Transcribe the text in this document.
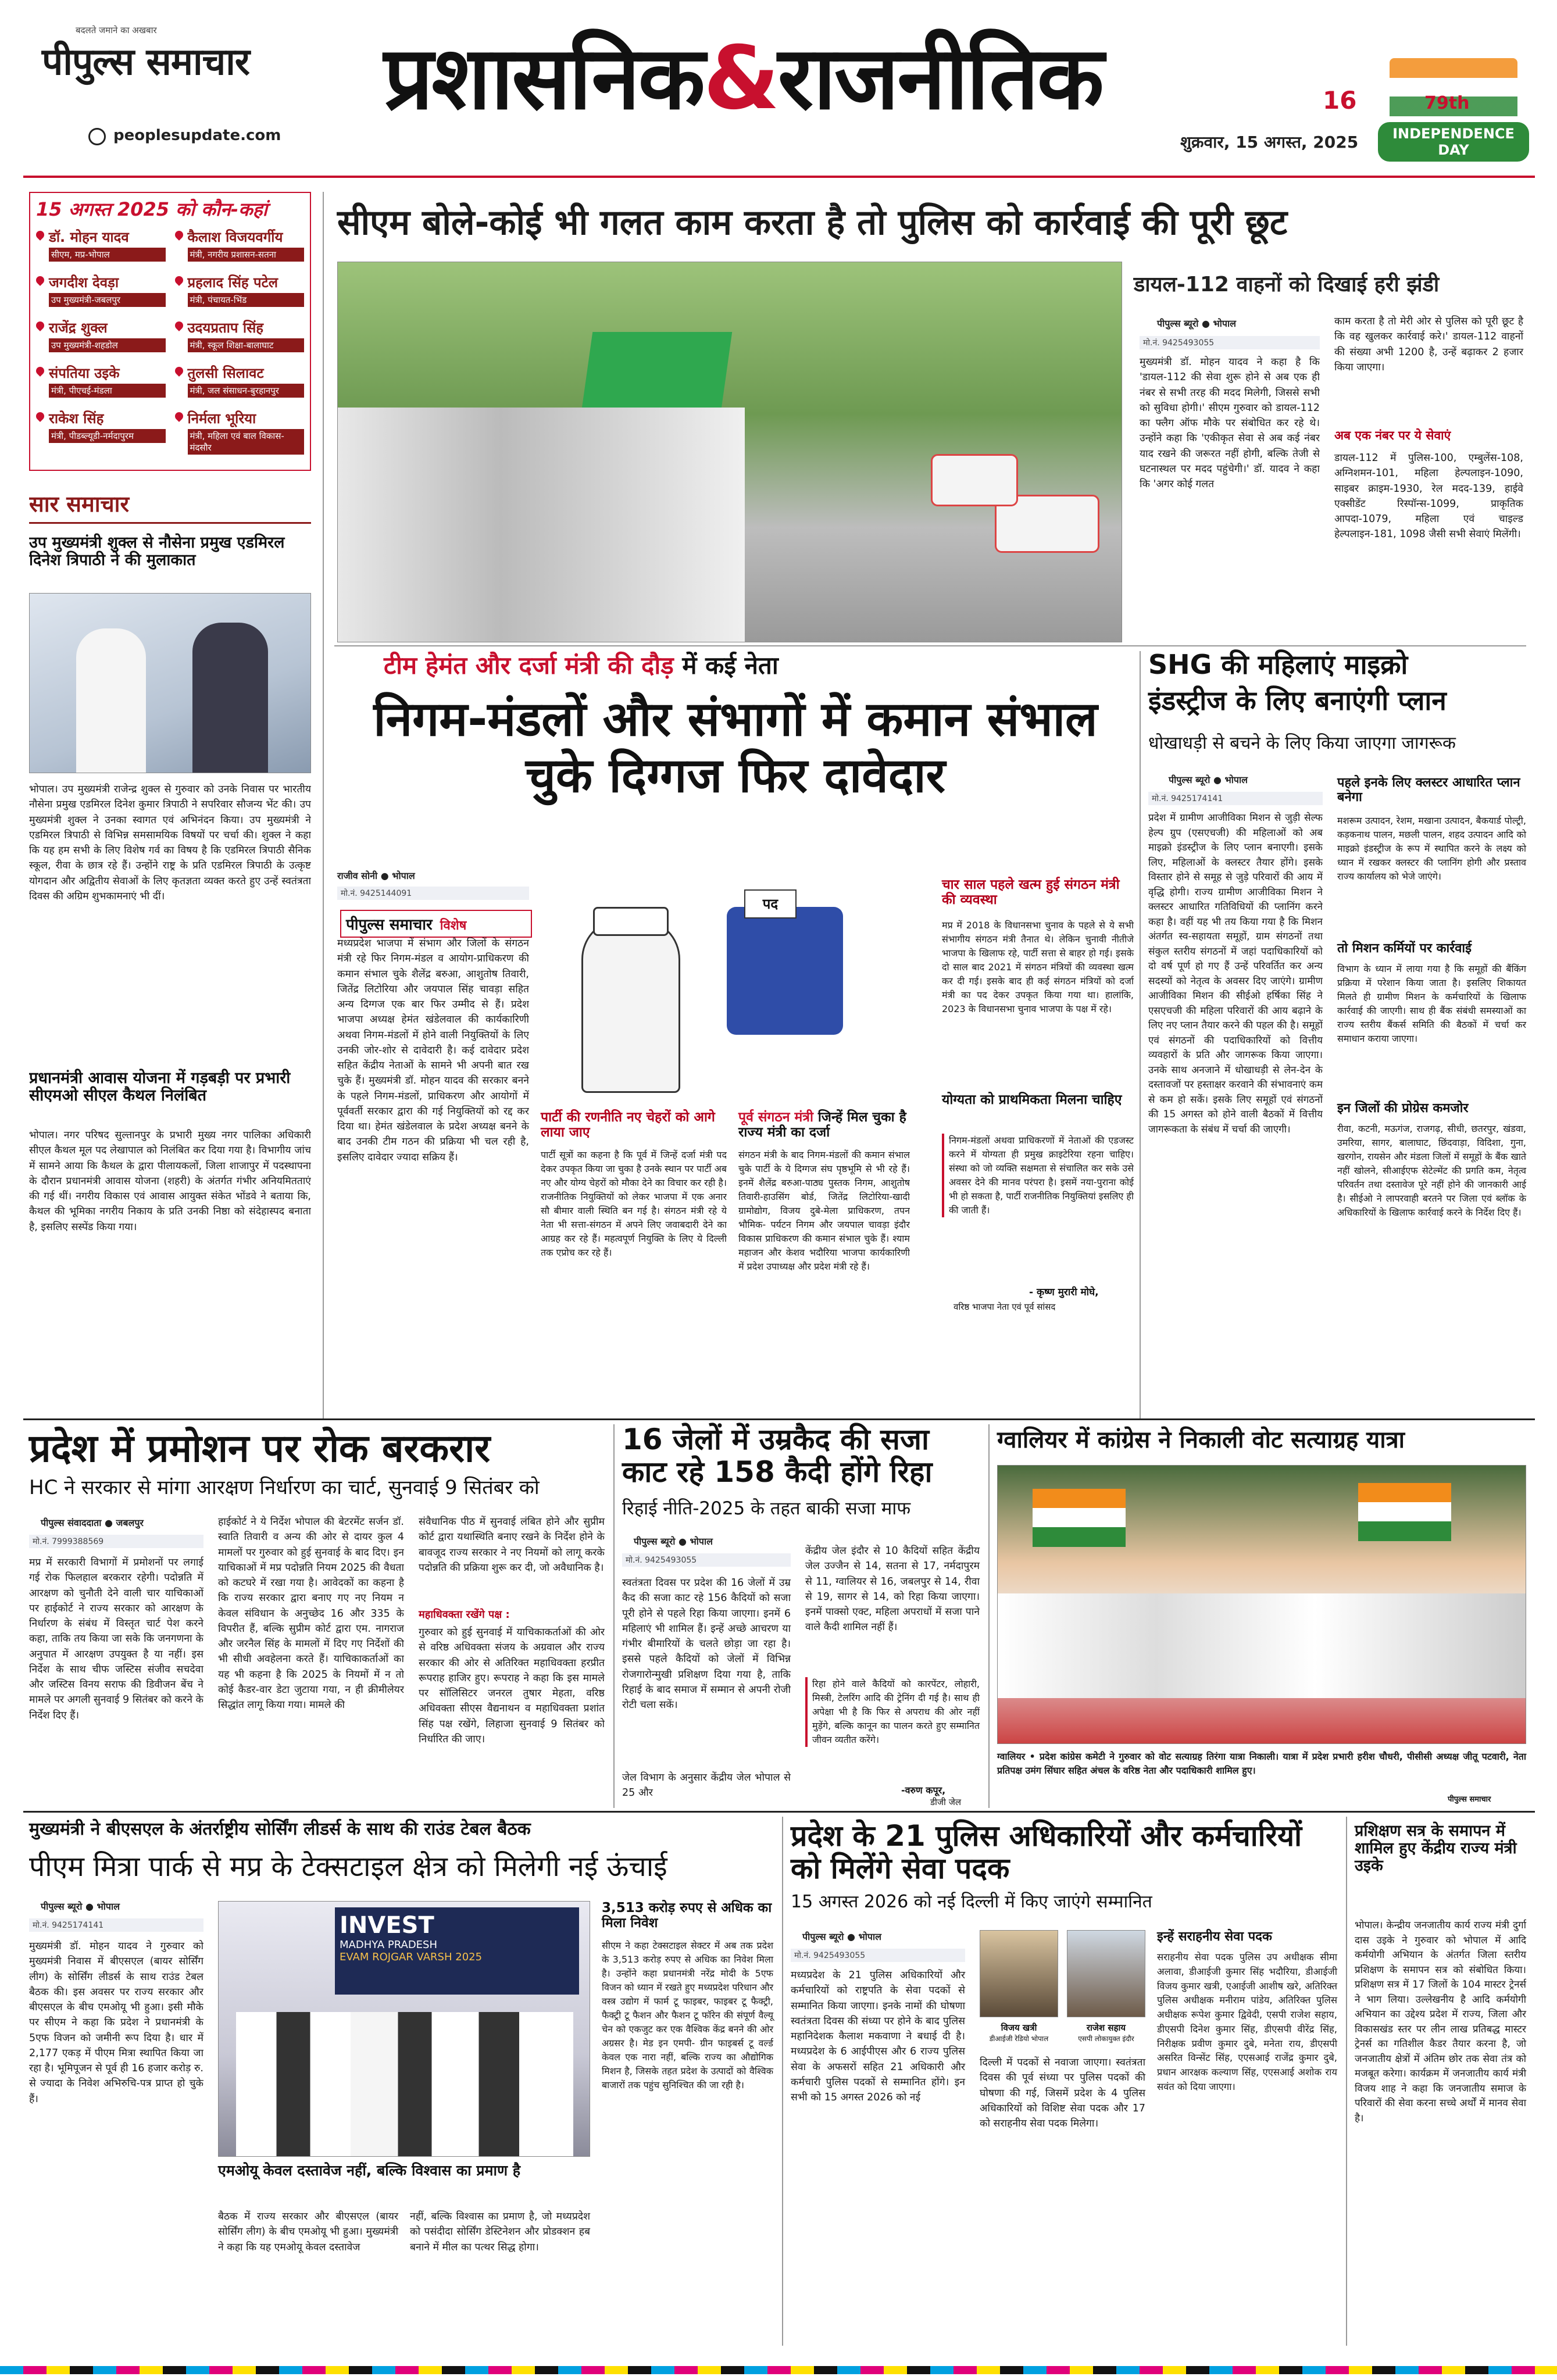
बदलते जमाने का अखबार
पीपुल्स समाचार
peoplesupdate.com
प्रशासनिक&राजनीतिक	16
शुक्रवार, 15 अगस्त, 2025
79th
INDEPENDENCE DAY
15 अगस्त 2025 को कौन-कहां
डॉ. मोहन यादव
सीएम, मप्र-भोपाल
कैलाश विजयवर्गीय
मंत्री, नगरीय प्रशासन-सतना
जगदीश देवड़ा
उप मुख्यमंत्री-जबलपुर
प्रहलाद सिंह पटेल
मंत्री, पंचायत-भिंड
राजेंद्र शुक्ल
उप मुख्यमंत्री-शहडोल
उदयप्रताप सिंह
मंत्री, स्कूल शिक्षा-बालाघाट
संपतिया उइके
मंत्री, पीएचई-मंडला
तुलसी सिलावट
मंत्री, जल संसाधन-बुरहानपुर
राकेश सिंह
मंत्री, पीडब्ल्यूडी-नर्मदापुरम
निर्मला भूरिया
मंत्री, महिला एवं बाल विकास-मंदसौर
सार समाचार
उप मुख्यमंत्री शुक्ल से नौसेना प्रमुख एडमिरल दिनेश त्रिपाठी ने की मुलाकात
भोपाल। उप मुख्यमंत्री राजेन्द्र शुक्ल से गुरुवार को उनके निवास पर भारतीय नौसेना प्रमुख एडमिरल दिनेश कुमार त्रिपाठी ने सपरिवार सौजन्य भेंट की। उप मुख्यमंत्री शुक्ल ने उनका स्वागत एवं अभिनंदन किया। उप मुख्यमंत्री ने एडमिरल त्रिपाठी से विभिन्न समसामयिक विषयों पर चर्चा की। शुक्ल ने कहा कि यह हम सभी के लिए विशेष गर्व का विषय है कि एडमिरल त्रिपाठी सैनिक स्कूल, रीवा के छात्र रहे हैं। उन्होंने राष्ट्र के प्रति एडमिरल त्रिपाठी के उत्कृष्ट योगदान और अद्वितीय सेवाओं के लिए कृतज्ञता व्यक्त करते हुए उन्हें स्वतंत्रता दिवस की अग्रिम शुभकामनाएं भी दीं।
प्रधानमंत्री आवास योजना में गड़बड़ी पर प्रभारी सीएमओ सीएल कैथल निलंबित
भोपाल। नगर परिषद सुल्तानपुर के प्रभारी मुख्य नगर पालिका अधिकारी सीएल कैथल मूल पद लेखापाल को निलंबित कर दिया गया है। विभागीय जांच में सामने आया कि कैथल के द्वारा पीलायकलों, जिला शाजापुर में पदस्थापना के दौरान प्रधानमंत्री आवास योजना (शहरी) के अंतर्गत गंभीर अनियमितताएं की गई थीं। नगरीय विकास एवं आवास आयुक्त संकेत भोंडवे ने बताया कि, कैथल की भूमिका नगरीय निकाय के प्रति उनकी निष्ठा को संदेहास्पद बनाता है, इसलिए सस्पेंड किया गया।
सीएम बोले-कोई भी गलत काम करता है तो पुलिस को कार्रवाई की पूरी छूट
डायल-112 वाहनों को दिखाई हरी झंडी
पीपुल्स ब्यूरो ● भोपाल
मो.नं. 9425493055
मुख्यमंत्री डॉ. मोहन यादव ने कहा है कि 'डायल-112 की सेवा शुरू होने से अब एक ही नंबर से सभी तरह की मदद मिलेगी, जिससे सभी को सुविधा होगी।' सीएम गुरुवार को डायल-112 का फ्लैग ऑफ मौके पर संबोधित कर रहे थे। उन्होंने कहा कि 'एकीकृत सेवा से अब कई नंबर याद रखने की जरूरत नहीं होगी, बल्कि तेजी से घटनास्थल पर मदद पहुंचेगी।' डॉ. यादव ने कहा कि 'अगर कोई गलत
काम करता है तो मेरी ओर से पुलिस को पूरी छूट है कि वह खुलकर कार्रवाई करे।' डायल-112 वाहनों की संख्या अभी 1200 है, उन्हें बढ़ाकर 2 हजार किया जाएगा।
अब एक नंबर पर ये सेवाएं
डायल-112 में पुलिस-100, एम्बुलेंस-108, अग्निशमन-101, महिला हेल्पलाइन-1090, साइबर क्राइम-1930, रेल मदद-139, हाईवे एक्सीडेंट रिस्पॉन्स-1099, प्राकृतिक आपदा-1079, महिला एवं चाइल्ड हेल्पलाइन-181, 1098 जैसी सभी सेवाएं मिलेंगी।
टीम हेमंत और दर्जा मंत्री की दौड़ में कई नेता
निगम-मंडलों और संभागों में कमान संभाल चुके दिग्गज फिर दावेदार
राजीव सोनी ● भोपाल
मो.नं. 9425144091
पीपुल्स समाचार विशेष
पद
मध्यप्रदेश भाजपा में संभाग और जिलों के संगठन मंत्री रहे फिर निगम-मंडल व आयोग-प्राधिकरण की कमान संभाल चुके शैलेंद्र बरुआ, आशुतोष तिवारी, जितेंद्र लिटोरिया और जयपाल सिंह चावड़ा सहित अन्य दिग्गज एक बार फिर उम्मीद से हैं। प्रदेश भाजपा अध्यक्ष हेमंत खंडेलवाल की कार्यकारिणी अथवा निगम-मंडलों में होने वाली नियुक्तियों के लिए उनकी जोर-शोर से दावेदारी है। कई दावेदार प्रदेश सहित केंद्रीय नेताओं के सामने भी अपनी बात रख चुके हैं। मुख्यमंत्री डॉ. मोहन यादव की सरकार बनने के पहले निगम-मंडलों, प्राधिकरण और आयोगों में पूर्ववर्ती सरकार द्वारा की गई नियुक्तियों को रद्द कर दिया था। हेमंत खंडेलवाल के प्रदेश अध्यक्ष बनने के बाद उनकी टीम गठन की प्रक्रिया भी चल रही है, इसलिए दावेदार ज्यादा सक्रिय हैं।
पार्टी की रणनीति नए चेहरों को आगे लाया जाए
पार्टी सूत्रों का कहना है कि पूर्व में जिन्हें दर्जा मंत्री पद देकर उपकृत किया जा चुका है उनके स्थान पर पार्टी अब नए और योग्य चेहरों को मौका देने का विचार कर रही है। राजनीतिक नियुक्तियों को लेकर भाजपा में एक अनार सौ बीमार वाली स्थिति बन गई है। संगठन मंत्री रहे ये नेता भी सत्ता-संगठन में अपने लिए जवाबदारी देने का आग्रह कर रहे हैं। महत्वपूर्ण नियुक्ति के लिए ये दिल्ली तक एप्रोच कर रहे हैं।
पूर्व संगठन मंत्री जिन्हें मिल चुका है राज्य मंत्री का दर्जा
संगठन मंत्री के बाद निगम-मंडलों की कमान संभाल चुके पार्टी के ये दिग्गज संघ पृष्ठभूमि से भी रहे हैं। इनमें शैलेंद्र बरुआ-पाठ्य पुस्तक निगम, आशुतोष तिवारी-हाउसिंग बोर्ड, जितेंद्र लिटोरिया-खादी ग्रामोद्योग, विजय दुबे-मेला प्राधिकरण, तपन भौमिक- पर्यटन निगम और जयपाल चावड़ा इंदौर विकास प्राधिकरण की कमान संभाल चुके हैं। श्याम महाजन और केशव भदौरिया भाजपा कार्यकारिणी में प्रदेश उपाध्यक्ष और प्रदेश मंत्री रहे हैं।
चार साल पहले खत्म हुई संगठन मंत्री की व्यवस्था
मप्र में 2018 के विधानसभा चुनाव के पहले से ये सभी संभागीय संगठन मंत्री तैनात थे। लेकिन चुनावी नीतीजे भाजपा के खिलाफ रहे, पार्टी सत्ता से बाहर हो गई। इसके दो साल बाद 2021 में संगठन मंत्रियों की व्यवस्था खत्म कर दी गई। इसके बाद ही कई संगठन मंत्रियों को दर्जा मंत्री का पद देकर उपकृत किया गया था। हालांकि, 2023 के विधानसभा चुनाव भाजपा के पक्ष में रहे।
योग्यता को प्राथमिकता मिलना चाहिए
निगम-मंडलों अथवा प्राधिकरणों में नेताओं की एडजस्ट करने में योग्यता ही प्रमुख क्राइटेरिया रहना चाहिए। संस्था को जो व्यक्ति सक्षमता से संचालित कर सके उसे अवसर देने की मानव परंपरा है। इसमें नया-पुराना कोई भी हो सकता है, पार्टी राजनीतिक नियुक्तियां इसलिए ही की जाती हैं।
- कृष्ण मुरारी मोघे,
वरिष्ठ भाजपा नेता एवं पूर्व सांसद
SHG की महिलाएं माइक्रो
इंडस्ट्रीज के लिए बनाएंगी प्लान
धोखाधड़ी से बचने के लिए किया जाएगा जागरूक
पीपुल्स ब्यूरो ● भोपाल
मो.नं. 9425174141
प्रदेश में ग्रामीण आजीविका मिशन से जुड़ी सेल्फ हेल्प ग्रुप (एसएचजी) की महिलाओं को अब माइक्रो इंडस्ट्रीज के लिए प्लान बनाएगी। इसके लिए, महिलाओं के क्लस्टर तैयार होंगे। इसके विस्तार होने से समूह से जुड़े परिवारों की आय में वृद्धि होगी। राज्य ग्रामीण आजीविका मिशन ने क्लस्टर आधारित गतिविधियों की प्लानिंग करने कहा है। वहीं यह भी तय किया गया है कि मिशन अंतर्गत स्व-सहायता समूहों, ग्राम संगठनों तथा संकुल स्तरीय संगठनों में जहां पदाधिकारियों को दो वर्ष पूर्ण हो गए हैं उन्हें परिवर्तित कर अन्य सदस्यों को नेतृत्व के अवसर दिए जाएंगे। ग्रामीण आजीविका मिशन की सीईओ हर्षिका सिंह ने एसएचजी की महिला परिवारों की आय बढ़ाने के लिए नए प्लान तैयार करने की पहल की है। समूहों एवं संगठनों की पदाधिकारियों को वित्तीय व्यवहारों के प्रति और जागरूक किया जाएगा। उनके साथ अनजाने में धोखाधड़ी से लेन-देन के दस्तावजों पर हस्ताक्षर करवाने की संभावनाएं कम से कम हो सकें। इसके लिए समूहों एवं संगठनों की 15 अगस्त को होने वाली बैठकों में वित्तीय जागरूकता के संबंध में चर्चा की जाएगी।
पहले इनके लिए क्लस्टर आधारित प्लान बनेगा
मशरूम उत्पादन, रेशम, मखाना उत्पादन, बैकयार्ड पोल्ट्री, कड़कनाथ पालन, मछली पालन, शहद उत्पादन आदि को माइक्रो इंडस्ट्रीज के रूप में स्थापित करने के लक्ष्य को ध्यान में रखकर क्लस्टर की प्लानिंग होगी और प्रस्ताव राज्य कार्यालय को भेजे जाएंगे।
तो मिशन कर्मियों पर कार्रवाई
विभाग के ध्यान में लाया गया है कि समूहों की बैंकिंग प्रक्रिया में परेशान किया जाता है। इसलिए शिकायत मिलते ही ग्रामीण मिशन के कर्मचारियों के खिलाफ कार्रवाई की जाएगी। साथ ही बैंक संबंधी समस्याओं का राज्य स्तरीय बैंकर्स समिति की बैठकों में चर्चा कर समाधान कराया जाएगा।
इन जिलों की प्रोग्रेस कमजोर
रीवा, कटनी, मऊगंज, राजगढ़, सीधी, छतरपुर, खंडवा, उमरिया, सागर, बालाघाट, छिंदवाड़ा, विदिशा, गुना, खरगोन, रायसेन और मंडला जिलों में समूहों के बैंक खाते नहीं खोलने, सीआईएफ सेटेल्मेंट की प्रगति कम, नेतृत्व परिवर्तन तथा दस्तावेज पूरे नहीं होने की जानकारी आई है। सीईओ ने लापरवाही बरतने पर जिला एवं ब्लॉक के अधिकारियों के खिलाफ कार्रवाई करने के निर्देश दिए हैं।
प्रदेश में प्रमोशन पर रोक बरकरार
HC ने सरकार से मांगा आरक्षण निर्धारण का चार्ट, सुनवाई 9 सितंबर को
पीपुल्स संवाददाता ● जबलपुर
मो.नं. 7999388569
मप्र में सरकारी विभागों में प्रमोशनों पर लगाई गई रोक फिलहाल बरकरार रहेगी। पदोन्नति में आरक्षण को चुनौती देने वाली चार याचिकाओं पर हाईकोर्ट ने राज्य सरकार को आरक्षण के निर्धारण के संबंध में विस्तृत चार्ट पेश करने कहा, ताकि तय किया जा सके कि जनगणना के अनुपात में आरक्षण उपयुक्त है या नहीं। इस निर्देश के साथ चीफ जस्टिस संजीव सचदेवा और जस्टिस विनय सराफ की डिवीजन बेंच ने मामले पर अगली सुनवाई 9 सितंबर को करने के निर्देश दिए हैं।
हाईकोर्ट ने ये निर्देश भोपाल की बेटरमेंट सर्जन डॉ. स्वाति तिवारी व अन्य की ओर से दायर कुल 4 मामलों पर गुरुवार को हुई सुनवाई के बाद दिए। इन याचिकाओं में मप्र पदोन्नति नियम 2025 की वैधता को कटघरे में रखा गया है। आवेदकों का कहना है कि राज्य सरकार द्वारा बनाए गए नए नियम न केवल संविधान के अनुच्छेद 16 और 335 के विपरीत हैं, बल्कि सुप्रीम कोर्ट द्वारा एम. नागराज और जरनैल सिंह के मामलों में दिए गए निर्देशों की भी सीधी अवहेलना करते हैं। याचिकाकर्ताओं का यह भी कहना है कि 2025 के नियमों में न तो कोई कैडर-वार डेटा जुटाया गया, न ही क्रीमीलेयर सिद्धांत लागू किया गया। मामले की
संवैधानिक पीठ में सुनवाई लंबित होने और सुप्रीम कोर्ट द्वारा यथास्थिति बनाए रखने के निर्देश होने के बावजूद राज्य सरकार ने नए नियमों को लागू करके पदोन्नति की प्रक्रिया शुरू कर दी, जो अवैधानिक है।
महाधिवक्ता रखेंगे पक्ष :
गुरुवार को हुई सुनवाई में याचिकाकर्ताओं की ओर से वरिष्ठ अधिवक्ता संजय के अग्रवाल और राज्य सरकार की ओर से अतिरिक्त महाधिवक्ता हरप्रीत रूपराह हाजिर हुए। रूपराह ने कहा कि इस मामले पर सॉलिसिटर जनरल तुषार मेहता, वरिष्ठ अधिवक्ता सीएस वैद्यनाथन व महाधिवक्ता प्रशांत सिंह पक्ष रखेंगे, लिहाजा सुनवाई 9 सितंबर को निर्धारित की जाए।
16 जेलों में उम्रकैद की सजा काट रहे 158 कैदी होंगे रिहा
रिहाई नीति-2025 के तहत बाकी सजा माफ
पीपुल्स ब्यूरो ● भोपाल
मो.नं. 9425493055
स्वतंत्रता दिवस पर प्रदेश की 16 जेलों में उम्र कैद की सजा काट रहे 156 कैदियों को सजा पूरी होने से पहले रिहा किया जाएगा। इनमें 6 महिलाएं भी शामिल हैं। इन्हें अच्छे आचरण या गंभीर बीमारियों के चलते छोड़ा जा रहा है। इससे पहले कैदियों को जेलों में विभिन्न रोजगारोन्मुखी प्रशिक्षण दिया गया है, ताकि रिहाई के बाद समाज में सम्मान से अपनी रोजी रोटी चला सकें।
जेल विभाग के अनुसार केंद्रीय जेल भोपाल से 25 और
केंद्रीय जेल इंदौर से 10 कैदियों सहित केंद्रीय जेल उज्जैन से 14, सतना से 17, नर्मदापुरम से 11, ग्वालियर से 16, जबलपुर से 14, रीवा से 19, सागर से 14, को रिहा किया जाएगा। इनमें पाक्सो एक्ट, महिला अपराधों में सजा पाने वाले कैदी शामिल नहीं हैं।
रिहा होने वाले कैदियों को कारपेंटर, लोहारी, मिस्त्री, टेलरिंग आदि की ट्रेनिंग दी गई है। साथ ही अपेक्षा भी है कि फिर से अपराध की ओर नहीं मुड़ेंगे, बल्कि कानून का पालन करते हुए सम्मानित जीवन व्यतीत करेंगे।
-वरुण कपूर,
डीजी जेल
ग्वालियर में कांग्रेस ने निकाली वोट सत्याग्रह यात्रा
ग्वालियर • प्रदेश कांग्रेस कमेटी ने गुरुवार को वोट सत्याग्रह तिरंगा यात्रा निकाली। यात्रा में प्रदेश प्रभारी हरीश चौधरी, पीसीसी अध्यक्ष जीतू पटवारी, नेता प्रतिपक्ष उमंग सिंघार सहित अंचल के वरिष्ठ नेता और पदाधिकारी शामिल हुए।
पीपुल्स समाचार
मुख्यमंत्री ने बीएसएल के अंतर्राष्ट्रीय सोर्सिंग लीडर्स के साथ की राउंड टेबल बैठक
पीएम मित्रा पार्क से मप्र के टेक्सटाइल क्षेत्र को मिलेगी नई ऊंचाई
पीपुल्स ब्यूरो ● भोपाल
मो.नं. 9425174141
मुख्यमंत्री डॉ. मोहन यादव ने गुरुवार को मुख्यमंत्री निवास में बीएसएल (बायर सोर्सिंग लीग) के सोर्सिंग लीडर्स के साथ राउंड टेबल बैठक की। इस अवसर पर राज्य सरकार और बीएसएल के बीच एमओयू भी हुआ। इसी मौके पर सीएम ने कहा कि प्रदेश ने प्रधानमंत्री के 5एफ विजन को जमीनी रूप दिया है। धार में 2,177 एकड़ में पीएम मित्रा स्थापित किया जा रहा है। भूमिपूजन से पूर्व ही 16 हजार करोड़ रु. से ज्यादा के निवेश अभिरुचि-पत्र प्राप्त हो चुके हैं।
INVEST
MADHYA PRADESH
EVAM ROJGAR VARSH 2025
एमओयू केवल दस्तावेज नहीं, बल्कि विश्वास का प्रमाण है
बैठक में राज्य सरकार और बीएसएल (बायर सोर्सिंग लीग) के बीच एमओयू भी हुआ। मुख्यमंत्री ने कहा कि यह एमओयू केवल दस्तावेज
नहीं, बल्कि विश्वास का प्रमाण है, जो मध्यप्रदेश को पसंदीदा सोर्सिंग डेस्टिनेशन और प्रोडक्शन हब बनाने में मील का पत्थर सिद्ध होगा।
3,513 करोड़ रुपए से अधिक का मिला निवेश
सीएम ने कहा टेक्सटाइल सेक्टर में अब तक प्रदेश के 3,513 करोड़ रुपए से अधिक का निवेश मिला है। उन्होंने कहा प्रधानमंत्री नरेंद्र मोदी के 5एफ विजन को ध्यान में रखते हुए मध्यप्रदेश परिधान और वस्त्र उद्योग में फार्म टू फाइबर, फाइबर टू फैक्ट्री, फैक्ट्री टू फैशन और फैशन टू फॉरेन की संपूर्ण वैल्यू चेन को एकजुट कर एक वैश्विक केंद्र बनने की ओर अग्रसर है। मेड इन एमपी- ग्रीन फाइबर्स टू वर्ल्ड केवल एक नारा नहीं, बल्कि राज्य का औद्योगिक मिशन है, जिसके तहत प्रदेश के उत्पादों को वैश्विक बाजारों तक पहुंच सुनिश्चित की जा रही है।
प्रदेश के 21 पुलिस अधिकारियों और कर्मचारियों को मिलेंगे सेवा पदक
15 अगस्त 2026 को नई दिल्ली में किए जाएंगे सम्मानित
पीपुल्स ब्यूरो ● भोपाल
मो.नं. 9425493055
मध्यप्रदेश के 21 पुलिस अधिकारियों और कर्मचारियों को राष्ट्रपति के सेवा पदकों से सम्मानित किया जाएगा। इनके नामों की घोषणा स्वतंत्रता दिवस की संध्या पर होने के बाद पुलिस महानिदेशक कैलाश मकवाणा ने बधाई दी है। मध्यप्रदेश के 6 आईपीएस और 6 राज्य पुलिस सेवा के अफसरों सहित 21 अधिकारी और कर्मचारी पुलिस पदकों से सम्मानित होंगे। इन सभी को 15 अगस्त 2026 को नई
विजय खत्री
डीआईजी रेडियो भोपाल
राजेश सहाय
एसपी लोकायुक्त इंदौर
दिल्ली में पदकों से नवाजा जाएगा। स्वतंत्रता दिवस की पूर्व संध्या पर पुलिस पदकों की घोषणा की गई, जिसमें प्रदेश के 4 पुलिस अधिकारियों को विशिष्ट सेवा पदक और 17 को सराहनीय सेवा पदक मिलेगा।
इन्हें सराहनीय सेवा पदक
सराहनीय सेवा पदक पुलिस उप अधीक्षक सीमा अलावा, डीआईजी कुमार सिंह भदौरिया, डीआईजी विजय कुमार खत्री, एआईजी आशीष खरे, अतिरिक्त पुलिस अधीक्षक मनीराम पांडेय, अतिरिक्त पुलिस अधीक्षक रूपेश कुमार द्विवेदी, एसपी राजेश सहाय, डीएसपी दिनेश कुमार सिंह, डीएसपी वीरेंद्र सिंह, निरीक्षक प्रवीण कुमार दुबे, मनेता राय, डीएसपी असरित विन्सेंट सिंह, एएसआई राजेंद्र कुमार दुबे, प्रधान आरक्षक कल्याण सिंह, एएसआई अशोक राय सवंत को दिया जाएगा।
प्रशिक्षण सत्र के समापन में शामिल हुए केंद्रीय राज्य मंत्री उइके
भोपाल। केन्द्रीय जनजातीय कार्य राज्य मंत्री दुर्गा दास उइके ने गुरुवार को भोपाल में आदि कर्मयोगी अभियान के अंतर्गत जिला स्तरीय प्रशिक्षण के समापन सत्र को संबोधित किया। प्रशिक्षण सत्र में 17 जिलों के 104 मास्टर ट्रेनर्स ने भाग लिया। उल्लेखनीय है आदि कर्मयोगी अभियान का उद्देश्य प्रदेश में राज्य, जिला और विकासखंड स्तर पर लीन लाख प्रतिबद्ध मास्टर ट्रेनर्स का गतिशील कैडर तैयार करना है, जो जनजातीय क्षेत्रों में अंतिम छोर तक सेवा तंत्र को मजबूत करेगा। कार्यक्रम में जनजातीय कार्य मंत्री विजय शाह ने कहा कि जनजातीय समाज के परिवारों की सेवा करना सच्चे अर्थों में मानव सेवा है।
